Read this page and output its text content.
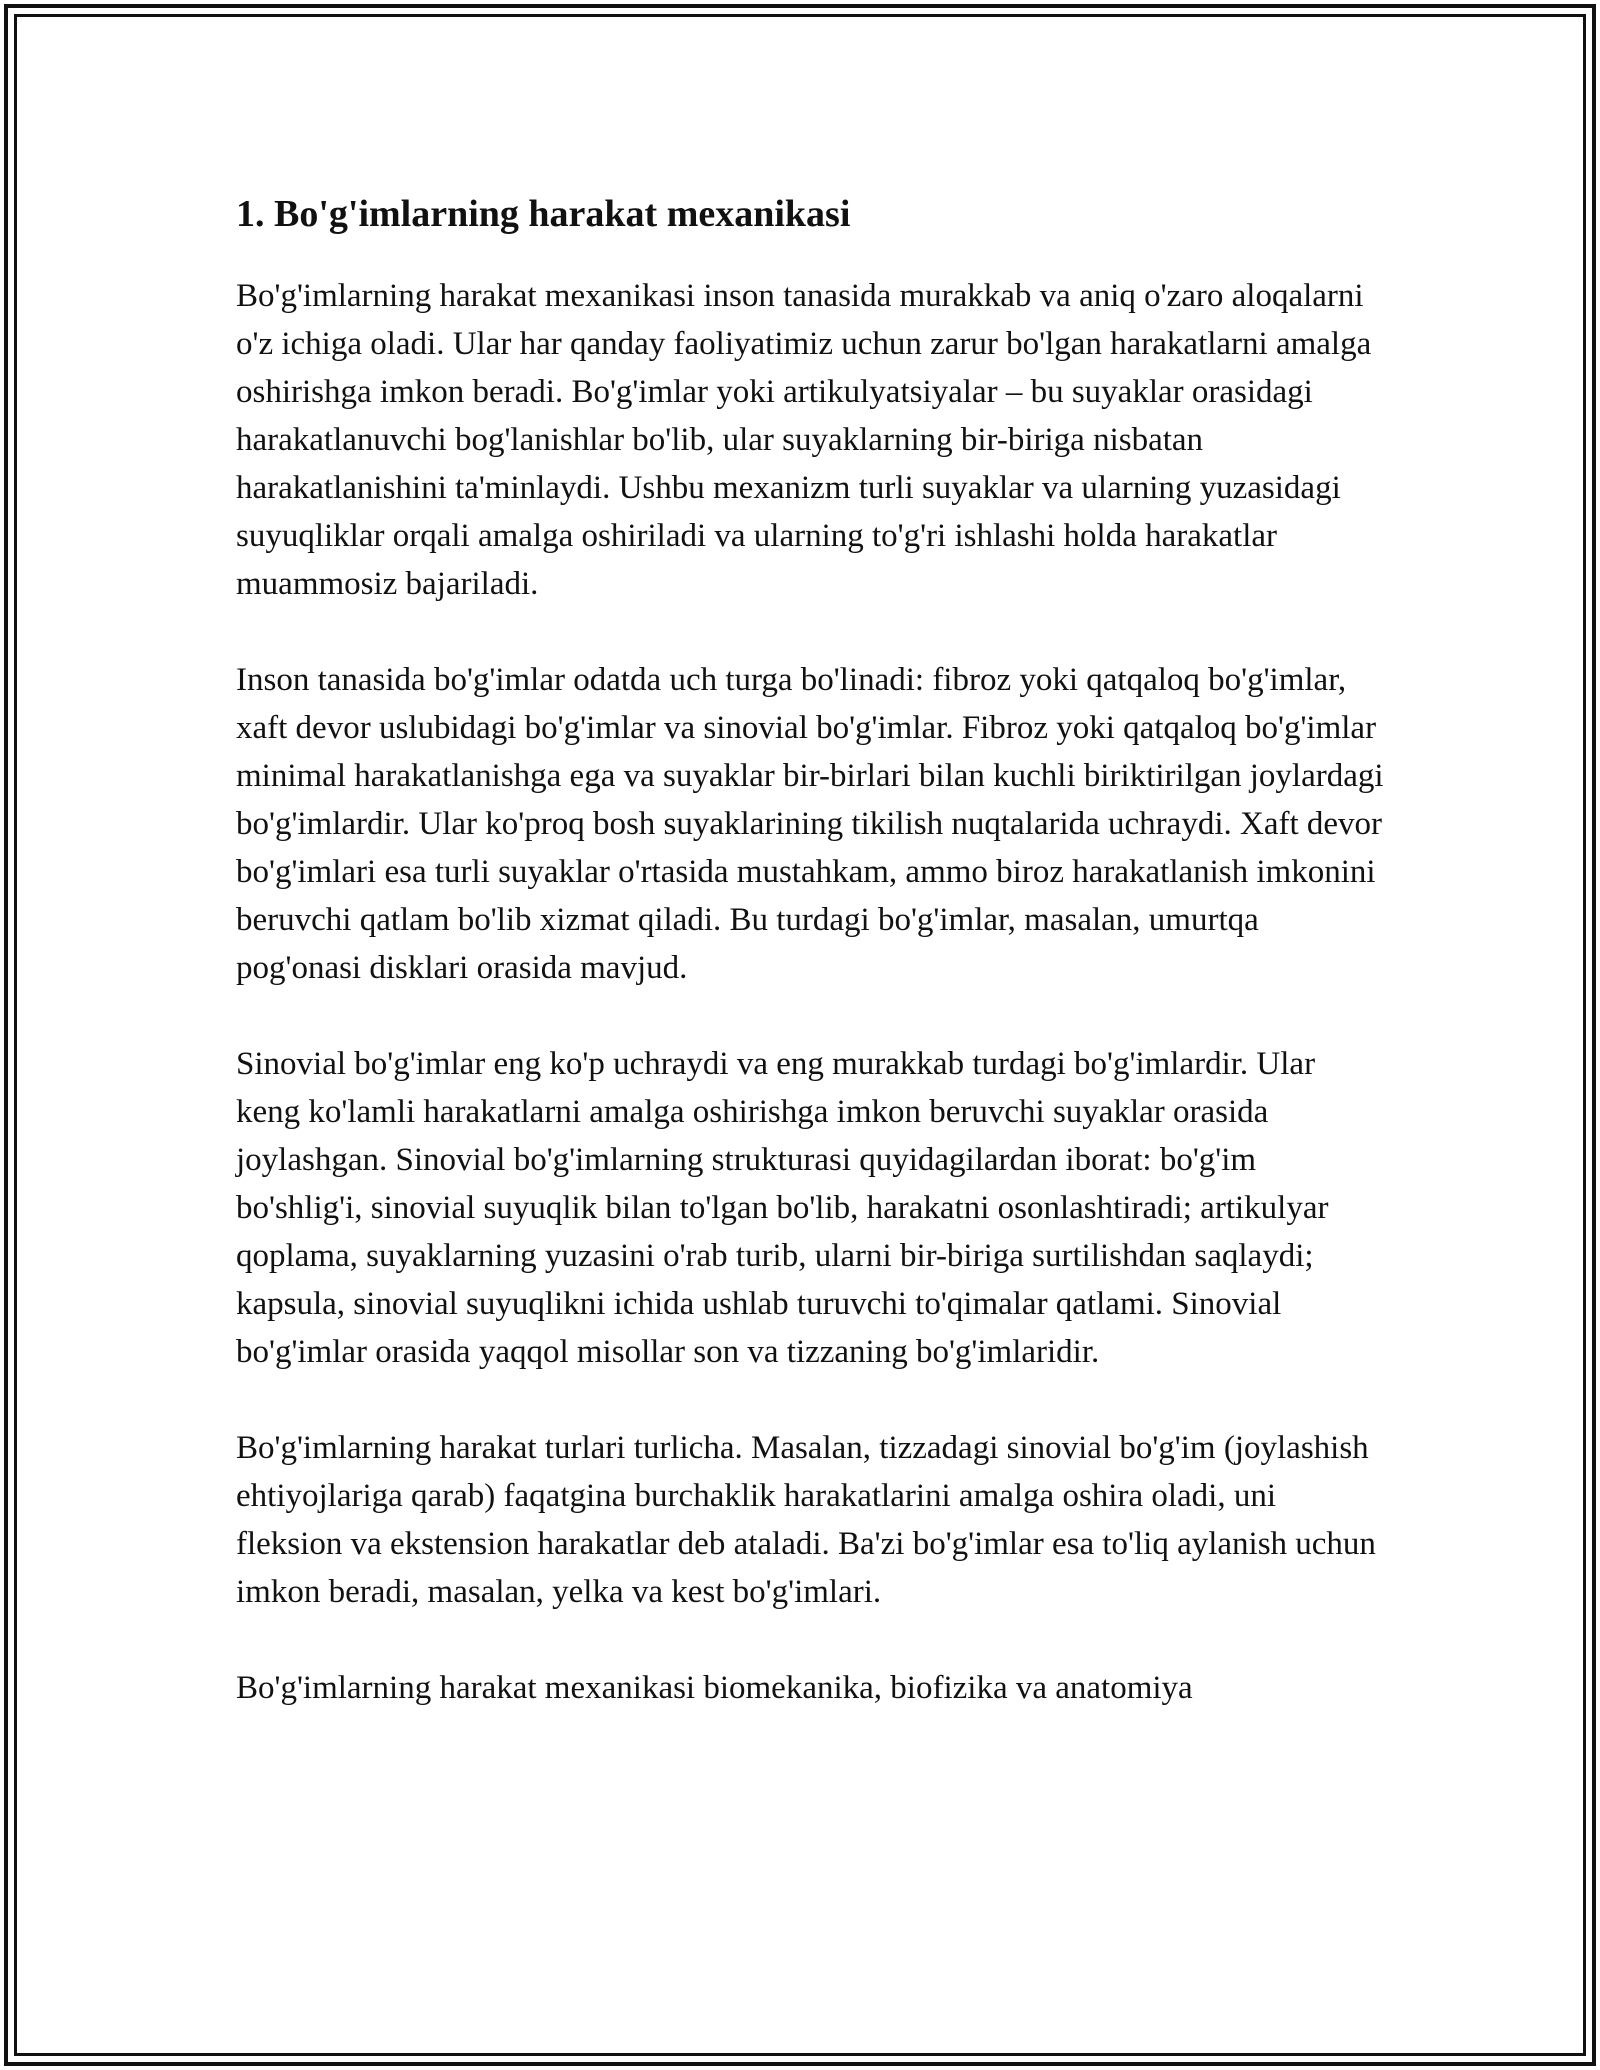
1. Bo'g'imlarning harakat mexanikasi

Bo'g'imlarning harakat mexanikasi inson tanasida murakkab va aniq o'zaro aloqalarni o'z ichiga oladi. Ular har qanday faoliyatimiz uchun zarur bo'lgan harakatlarni amalga oshirishga imkon beradi. Bo'g'imlar yoki artikulyatsiyalar – bu suyaklar orasidagi harakatlanuvchi bog'lanishlar bo'lib, ular suyaklarning bir-biriga nisbatan harakatlanishini ta'minlaydi. Ushbu mexanizm turli suyaklar va ularning yuzasidagi suyuqliklar orqali amalga oshiriladi va ularning to'g'ri ishlashi holda harakatlar muammosiz bajariladi.

Inson tanasida bo'g'imlar odatda uch turga bo'linadi: fibroz yoki qatqaloq bo'g'imlar, xaft devor uslubidagi bo'g'imlar va sinovial bo'g'imlar. Fibroz yoki qatqaloq bo'g'imlar minimal harakatlanishga ega va suyaklar bir-birlari bilan kuchli biriktirilgan joylardagi bo'g'imlardir. Ular ko'proq bosh suyaklarining tikilish nuqtalarida uchraydi. Xaft devor bo'g'imlari esa turli suyaklar o'rtasida mustahkam, ammo biroz harakatlanish imkonini beruvchi qatlam bo'lib xizmat qiladi. Bu turdagi bo'g'imlar, masalan, umurtqa pog'onasi disklari orasida mavjud.

Sinovial bo'g'imlar eng ko'p uchraydi va eng murakkab turdagi bo'g'imlardir. Ular keng ko'lamli harakatlarni amalga oshirishga imkon beruvchi suyaklar orasida joylashgan. Sinovial bo'g'imlarning strukturasi quyidagilardan iborat: bo'g'im bo'shlig'i, sinovial suyuqlik bilan to'lgan bo'lib, harakatni osonlashtiradi; artikulyar qoplama, suyaklarning yuzasini o'rab turib, ularni bir-biriga surtilishdan saqlaydi; kapsula, sinovial suyuqlikni ichida ushlab turuvchi to'qimalar qatlami. Sinovial bo'g'imlar orasida yaqqol misollar son va tizzaning bo'g'imlaridir.

Bo'g'imlarning harakat turlari turlicha. Masalan, tizzadagi sinovial bo'g'im (joylashish ehtiyojlariga qarab) faqatgina burchaklik harakatlarini amalga oshira oladi, uni fleksion va ekstension harakatlar deb ataladi. Ba'zi bo'g'imlar esa to'liq aylanish uchun imkon beradi, masalan, yelka va kest bo'g'imlari.

Bo'g'imlarning harakat mexanikasi biomekanika, biofizika va anatomiya
